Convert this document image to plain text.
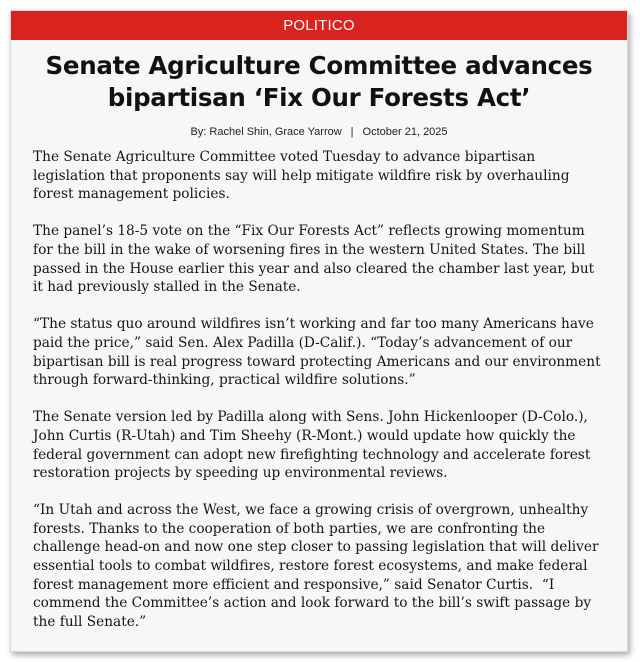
POLITICO
Senate Agriculture Committee advances bipartisan ‘Fix Our Forests Act’
By: Rachel Shin, Grace Yarrow | October 21, 2025

The Senate Agriculture Committee voted Tuesday to advance bipartisan legislation that proponents say will help mitigate wildfire risk by overhauling forest management policies.

The panel’s 18-5 vote on the “Fix Our Forests Act” reflects growing momentum for the bill in the wake of worsening fires in the western United States. The bill passed in the House earlier this year and also cleared the chamber last year, but it had previously stalled in the Senate.

“The status quo around wildfires isn’t working and far too many Americans have paid the price,” said Sen. Alex Padilla (D-Calif.). “Today’s advancement of our bipartisan bill is real progress toward protecting Americans and our environment through forward-thinking, practical wildfire solutions.”

The Senate version led by Padilla along with Sens. John Hickenlooper (D-Colo.), John Curtis (R-Utah) and Tim Sheehy (R-Mont.) would update how quickly the federal government can adopt new firefighting technology and accelerate forest restoration projects by speeding up environmental reviews.

“In Utah and across the West, we face a growing crisis of overgrown, unhealthy forests. Thanks to the cooperation of both parties, we are confronting the challenge head-on and now one step closer to passing legislation that will deliver essential tools to combat wildfires, restore forest ecosystems, and make federal forest management more efficient and responsive,” said Senator Curtis.  “I commend the Committee’s action and look forward to the bill’s swift passage by the full Senate.”
